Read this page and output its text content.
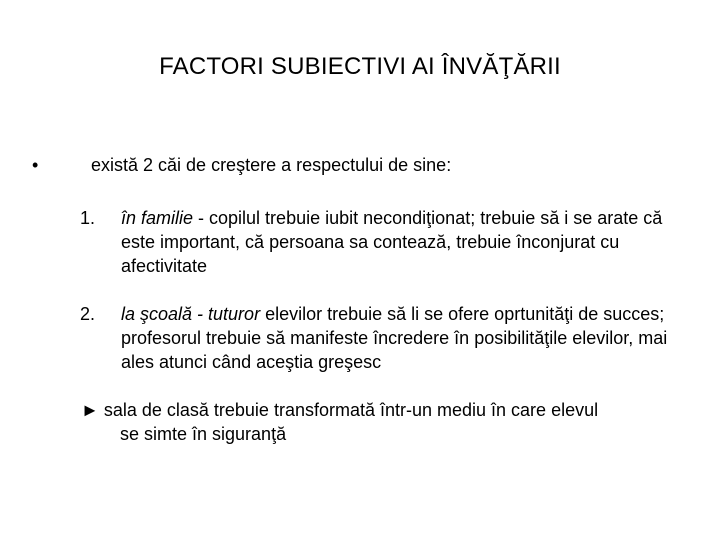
FACTORI SUBIECTIVI AI ÎNVĂŢĂRII
•	există 2 căi de creştere a respectului de sine:
1. în familie - copilul trebuie iubit necondiţionat; trebuie să i se arate că este important, că persoana sa contează, trebuie înconjurat cu afectivitate
2. la şcoală - tuturor elevilor trebuie să li se ofere oprtunităţi de succes; profesorul trebuie să manifeste încredere în posibilităţile elevilor, mai ales atunci când aceştia greşesc
► sala de clasă trebuie transformată într-un mediu în care elevul
se simte în siguranţă
